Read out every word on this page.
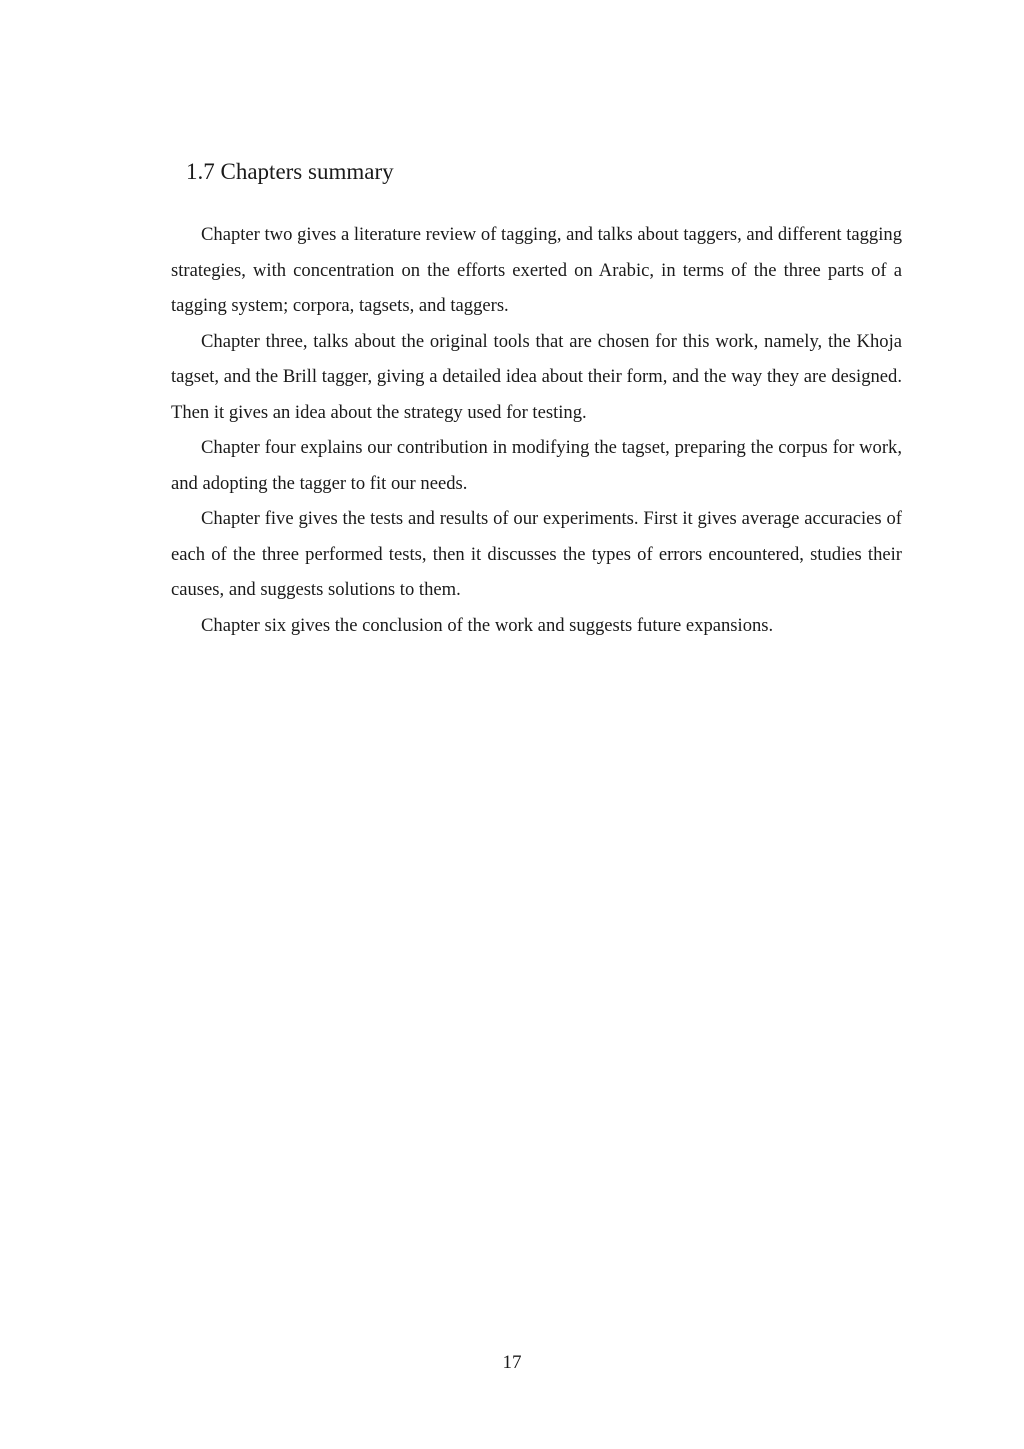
1.7 Chapters summary

Chapter two gives a literature review of tagging, and talks about taggers, and different tagging strategies, with concentration on the efforts exerted on Arabic, in terms of the three parts of a tagging system; corpora, tagsets, and taggers.

Chapter three, talks about the original tools that are chosen for this work, namely, the Khoja tagset, and the Brill tagger, giving a detailed idea about their form, and the way they are designed. Then it gives an idea about the strategy used for testing.

Chapter four explains our contribution in modifying the tagset, preparing the corpus for work, and adopting the tagger to fit our needs.

Chapter five gives the tests and results of our experiments. First it gives average accuracies of each of the three performed tests, then it discusses the types of errors encountered, studies their causes, and suggests solutions to them.

Chapter six gives the conclusion of the work and suggests future expansions.

17
